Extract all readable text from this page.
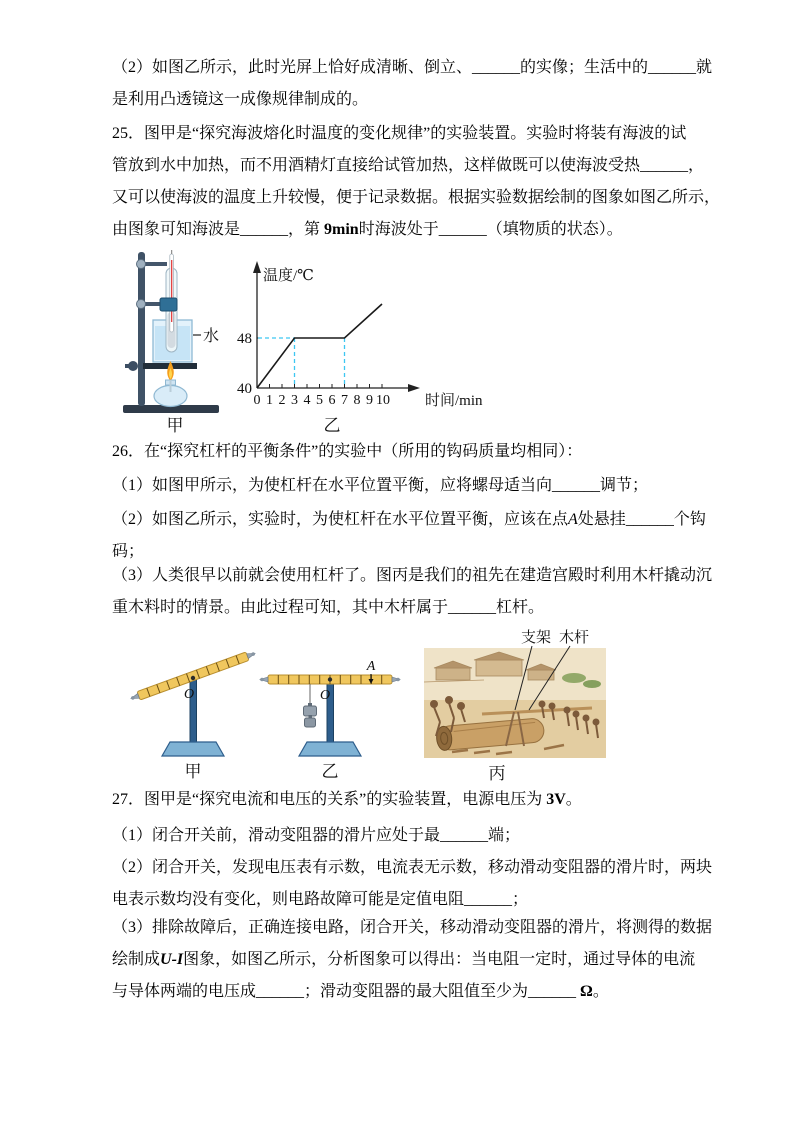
（2）如图乙所示，此时光屏上恰好成清晰、倒立、______的实像；生活中的______就
是利用凸透镜这一成像规律制成的。
25．图甲是“探究海波熔化时温度的变化规律”的实验装置。实验时将装有海波的试
管放到水中加热，而不用酒精灯直接给试管加热，这样做既可以使海波受热______，
又可以使海波的温度上升较慢，便于记录数据。根据实验数据绘制的图象如图乙所示，
由图象可知海波是______，第 9min时海波处于______（填物质的状态）。
水
甲
温度/℃
48
40
0 1 2 3 4 5 6 7 8 9 10 时间/min
乙
26．在“探究杠杆的平衡条件”的实验中（所用的钩码质量均相同）：
（1）如图甲所示，为使杠杆在水平位置平衡，应将螺母适当向______调节；
（2）如图乙所示，实验时，为使杠杆在水平位置平衡，应该在点A处悬挂______个钩
码；
（3）人类很早以前就会使用杠杆了。图丙是我们的祖先在建造宫殿时利用木杆撬动沉
重木料时的情景。由此过程可知，其中木杆属于______杠杆。
O
甲
O
A
乙
支架 木杆
丙
27．图甲是“探究电流和电压的关系”的实验装置，电源电压为 3V。
（1）闭合开关前，滑动变阻器的滑片应处于最______端；
（2）闭合开关，发现电压表有示数，电流表无示数，移动滑动变阻器的滑片时，两块
电表示数均没有变化，则电路故障可能是定值电阻______；
（3）排除故障后，正确连接电路，闭合开关，移动滑动变阻器的滑片，将测得的数据
绘制成U-I图象，如图乙所示，分析图象可以得出：当电阻一定时，通过导体的电流
与导体两端的电压成______；滑动变阻器的最大阻值至少为______ Ω。
